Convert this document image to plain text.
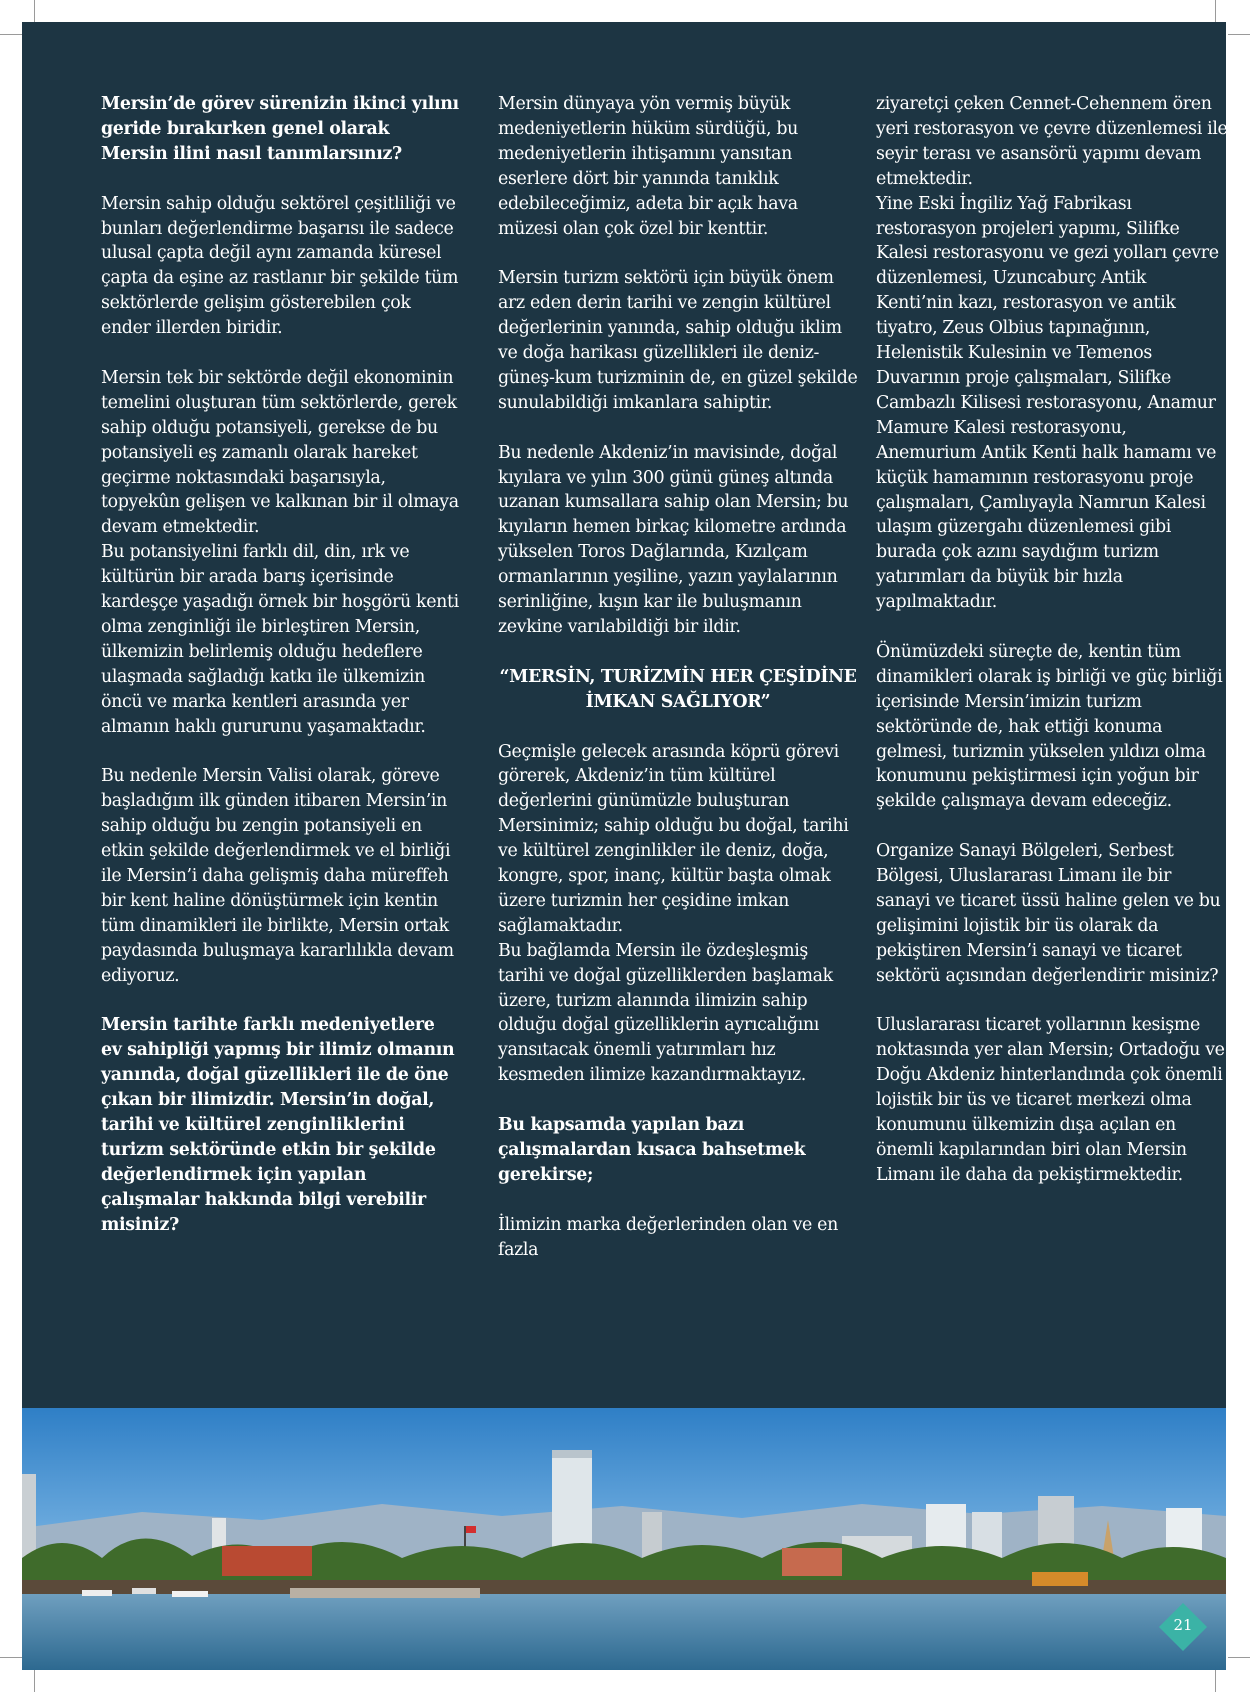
Mersin’de görev sürenizin ikinci yılını geride bırakırken genel olarak Mersin ilini nasıl tanımlarsınız?

Mersin sahip olduğu sektörel çeşitliliği ve bunları değerlendirme başarısı ile sadece ulusal çapta değil aynı zamanda küresel çapta da eşine az rastlanır bir şekilde tüm sektörlerde gelişim gösterebilen çok ender illerden biridir.

Mersin tek bir sektörde değil ekonominin temelini oluşturan tüm sektörlerde, gerek sahip olduğu potansiyeli, gerekse de bu potansiyeli eş zamanlı olarak hareket geçirme noktasındaki başarısıyla, topyekûn gelişen ve kalkınan bir il olmaya devam etmektedir.

Bu potansiyelini farklı dil, din, ırk ve kültürün bir arada barış içerisinde kardeşçe yaşadığı örnek bir hoşgörü kenti olma zenginliği ile birleştiren Mersin, ülkemizin belirlemiş olduğu hedeflere ulaşmada sağladığı katkı ile ülkemizin öncü ve marka kentleri arasında yer almanın haklı gururunu yaşamaktadır.

Bu nedenle Mersin Valisi olarak, göreve başladığım ilk günden itibaren Mersin’in sahip olduğu bu zengin potansiyeli en etkin şekilde değerlendirmek ve el birliği ile Mersin’i daha gelişmiş daha müreffeh bir kent haline dönüştürmek için kentin tüm dinamikleri ile birlikte, Mersin ortak paydasında buluşmaya kararlılıkla devam ediyoruz.

Mersin tarihte farklı medeniyetlere ev sahipliği yapmış bir ilimiz olmanın yanında, doğal güzellikleri ile de öne çıkan bir ilimizdir. Mersin’in doğal, tarihi ve kültürel zenginliklerini turizm sektöründe etkin bir şekilde değerlendirmek için yapılan çalışmalar hakkında bilgi verebilir misiniz?

Mersin dünyaya yön vermiş büyük medeniyetlerin hüküm sürdüğü, bu medeniyetlerin ihtişamını yansıtan eserlere dört bir yanında tanıklık edebileceğimiz, adeta bir açık hava müzesi olan çok özel bir kenttir.

Mersin turizm sektörü için büyük önem arz eden derin tarihi ve zengin kültürel değerlerinin yanında, sahip olduğu iklim ve doğa harikası güzellikleri ile deniz-güneş-kum turizminin de, en güzel şekilde sunulabildiği imkanlara sahiptir.

Bu nedenle Akdeniz’in mavisinde, doğal kıyılara ve yılın 300 günü güneş altında uzanan kumsallara sahip olan Mersin; bu kıyıların hemen birkaç kilometre ardında yükselen Toros Dağlarında, Kızılçam ormanlarının yeşiline, yazın yaylalarının serinliğine, kışın kar ile buluşmanın zevkine varılabildiği bir ildir.

“MERSİN, TURİZMİN HER ÇEŞİDİNE İMKAN SAĞLIYOR”

Geçmişle gelecek arasında köprü görevi görerek, Akdeniz’in tüm kültürel değerlerini günümüzle buluşturan Mersinimiz; sahip olduğu bu doğal, tarihi ve kültürel zenginlikler ile deniz, doğa, kongre, spor, inanç, kültür başta olmak üzere turizmin her çeşidine imkan sağlamaktadır.

Bu bağlamda Mersin ile özdeşleşmiş tarihi ve doğal güzelliklerden başlamak üzere, turizm alanında ilimizin sahip olduğu doğal güzelliklerin ayrıcalığını yansıtacak önemli yatırımları hız kesmeden ilimize kazandırmaktayız.

Bu kapsamda yapılan bazı çalışmalardan kısaca bahsetmek gerekirse;

İlimizin marka değerlerinden olan ve en fazla

ziyaretçi çeken Cennet-Cehennem ören yeri restorasyon ve çevre düzenlemesi ile seyir terası ve asansörü yapımı devam etmektedir.

Yine Eski İngiliz Yağ Fabrikası restorasyon projeleri yapımı, Silifke Kalesi restorasyonu ve gezi yolları çevre düzenlemesi, Uzuncaburç Antik Kenti’nin kazı, restorasyon ve antik tiyatro, Zeus Olbius tapınağının, Helenistik Kulesinin ve Temenos Duvarının proje çalışmaları, Silifke Cambazlı Kilisesi restorasyonu, Anamur Mamure Kalesi restorasyonu, Anemurium Antik Kenti halk hamamı ve küçük hamamının restorasyonu proje çalışmaları, Çamlıyayla Namrun Kalesi ulaşım güzergahı düzenlemesi gibi burada çok azını saydığım turizm yatırımları da büyük bir hızla yapılmaktadır.

Önümüzdeki süreçte de, kentin tüm dinamikleri olarak iş birliği ve güç birliği içerisinde Mersin’imizin turizm sektöründe de, hak ettiği konuma gelmesi, turizmin yükselen yıldızı olma konumunu pekiştirmesi için yoğun bir şekilde çalışmaya devam edeceğiz.

Organize Sanayi Bölgeleri, Serbest Bölgesi, Uluslararası Limanı ile bir sanayi ve ticaret üssü haline gelen ve bu gelişimini lojistik bir üs olarak da pekiştiren Mersin’i sanayi ve ticaret sektörü açısından değerlendirir misiniz?

Uluslararası ticaret yollarının kesişme noktasında yer alan Mersin; Ortadoğu ve Doğu Akdeniz hinterlandında çok önemli lojistik bir üs ve ticaret merkezi olma konumunu ülkemizin dışa açılan en önemli kapılarından biri olan Mersin Limanı ile daha da pekiştirmektedir.

21
